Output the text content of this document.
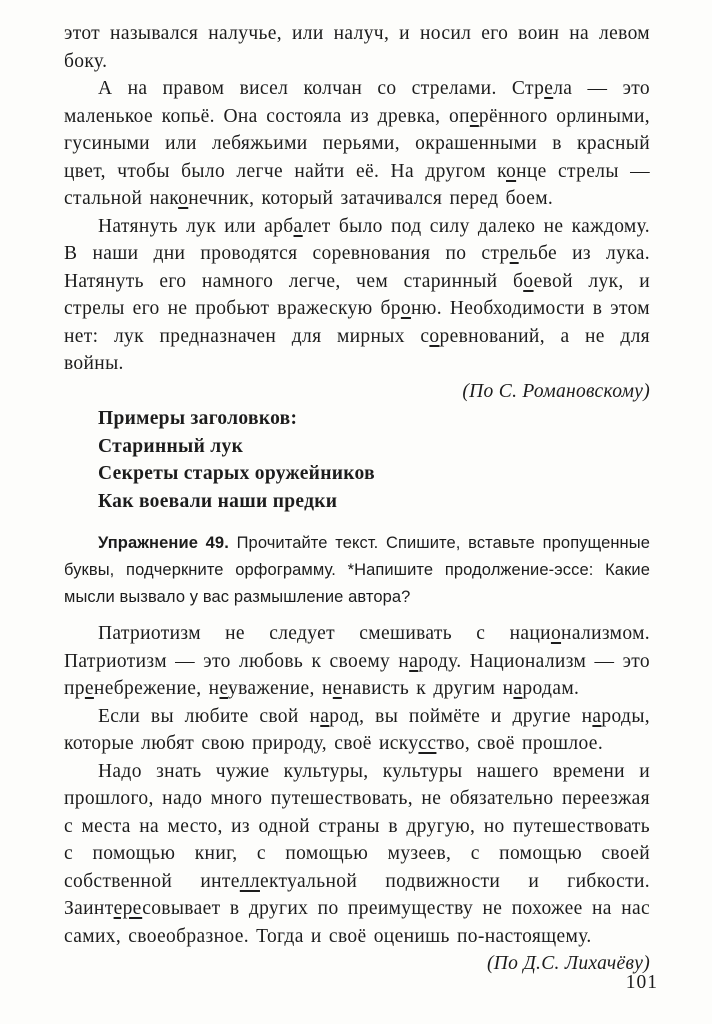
этот назывался налучье, или налуч, и носил его воин на левом боку.

А на правом висел колчан со стрелами. Стрела — это маленькое копьё. Она состояла из древка, оперённого орлиными, гусиными или лебяжьими перьями, окрашенными в красный цвет, чтобы было легче найти её. На другом конце стрелы — стальной наконечник, который затачивался перед боем.

Натянуть лук или арбалет было под силу далеко не каждому. В наши дни проводятся соревнования по стрельбе из лука. Натянуть его намного легче, чем старинный боевой лук, и стрелы его не пробьют вражескую броню. Необходимости в этом нет: лук предназначен для мирных соревнований, а не для войны.

(По С. Романовскому)

Примеры заголовков:

Старинный лук

Секреты старых оружейников

Как воевали наши предки

Упражнение 49. Прочитайте текст. Спишите, вставьте пропущенные буквы, подчеркните орфограмму. *Напишите продолжение-эссе: Какие мысли вызвало у вас размышление автора?

Патриотизм не следует смешивать с национализмом. Патриотизм — это любовь к своему народу. Национализм — это пренебрежение, неуважение, ненависть к другим народам.

Если вы любите свой народ, вы поймёте и другие народы, которые любят свою природу, своё искусство, своё прошлое.

Надо знать чужие культуры, культуры нашего времени и прошлого, надо много путешествовать, не обязательно переезжая с места на место, из одной страны в другую, но путешествовать с помощью книг, с помощью музеев, с помощью своей собственной интеллектуальной подвижности и гибкости. Заинтересовывает в других по преимуществу не похожее на нас самих, своеобразное. Тогда и своё оценишь по-настоящему.

(По Д.С. Лихачёву)

101
